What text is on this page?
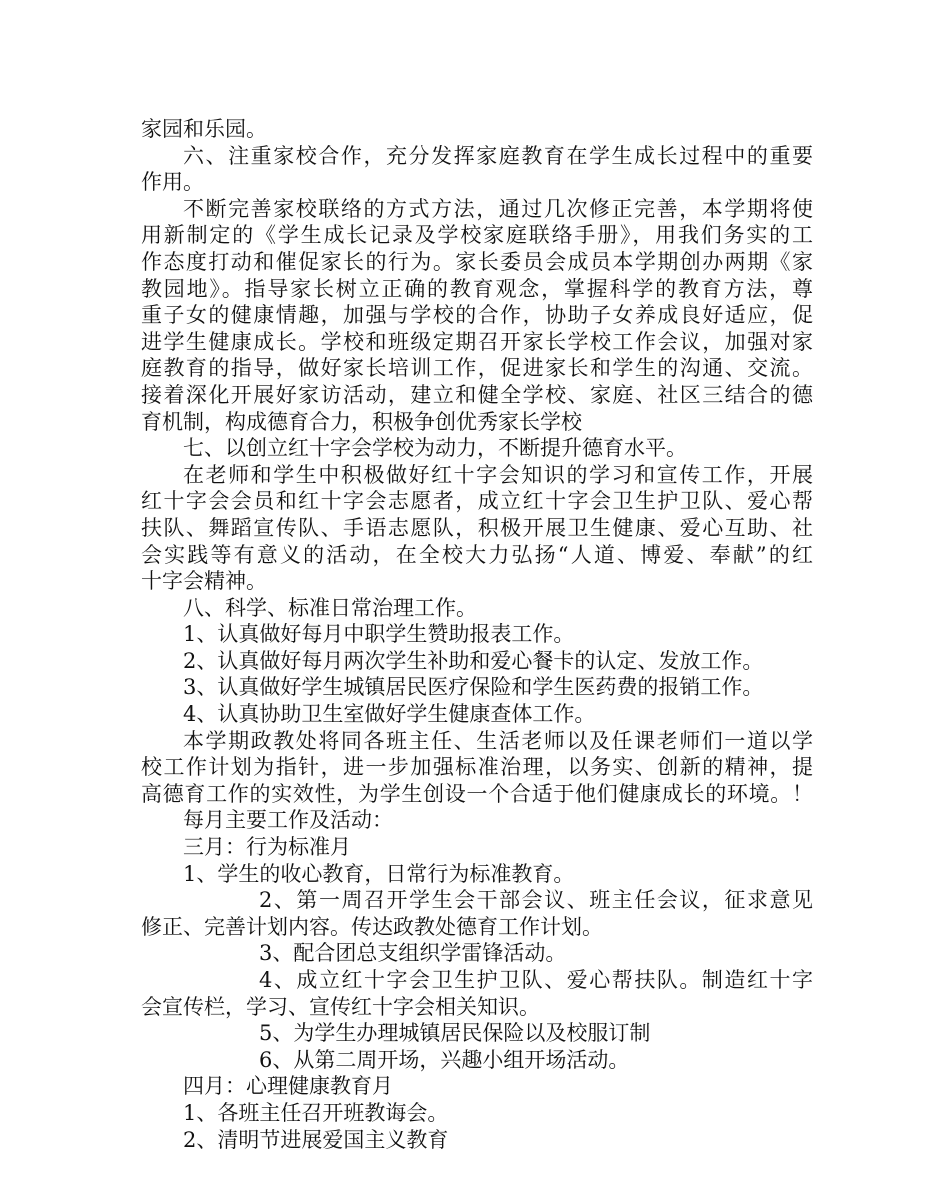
家园和乐园。
六、注重家校合作，充分发挥家庭教育在学生成长过程中的重要
作用。
不断完善家校联络的方式方法，通过几次修正完善，本学期将使
用新制定的《学生成长记录及学校家庭联络手册》，用我们务实的工
作态度打动和催促家长的行为。家长委员会成员本学期创办两期《家
教园地》。指导家长树立正确的教育观念，掌握科学的教育方法，尊
重子女的健康情趣，加强与学校的合作，协助子女养成良好适应，促
进学生健康成长。学校和班级定期召开家长学校工作会议，加强对家
庭教育的指导，做好家长培训工作，促进家长和学生的沟通、交流。
接着深化开展好家访活动，建立和健全学校、家庭、社区三结合的德
育机制，构成德育合力，积极争创优秀家长学校
七、以创立红十字会学校为动力，不断提升德育水平。
在老师和学生中积极做好红十字会知识的学习和宣传工作，开展
红十字会会员和红十字会志愿者，成立红十字会卫生护卫队、爱心帮
扶队、舞蹈宣传队、手语志愿队，积极开展卫生健康、爱心互助、社
会实践等有意义的活动，在全校大力弘扬“人道、博爱、奉献”的红
十字会精神。
八、科学、标准日常治理工作。
1、认真做好每月中职学生赞助报表工作。
2、认真做好每月两次学生补助和爱心餐卡的认定、发放工作。
3、认真做好学生城镇居民医疗保险和学生医药费的报销工作。
4、认真协助卫生室做好学生健康查体工作。
本学期政教处将同各班主任、生活老师以及任课老师们一道以学
校工作计划为指针，进一步加强标准治理，以务实、创新的精神，提
高德育工作的实效性，为学生创设一个合适于他们健康成长的环境。！
每月主要工作及活动：
三月：行为标准月
1、学生的收心教育，日常行为标准教育。
2、第一周召开学生会干部会议、班主任会议，征求意见
修正、完善计划内容。传达政教处德育工作计划。
3、配合团总支组织学雷锋活动。
4、成立红十字会卫生护卫队、爱心帮扶队。制造红十字
会宣传栏，学习、宣传红十字会相关知识。
5、为学生办理城镇居民保险以及校服订制
6、从第二周开场，兴趣小组开场活动。
四月：心理健康教育月
1、各班主任召开班教诲会。
2、清明节进展爱国主义教育
